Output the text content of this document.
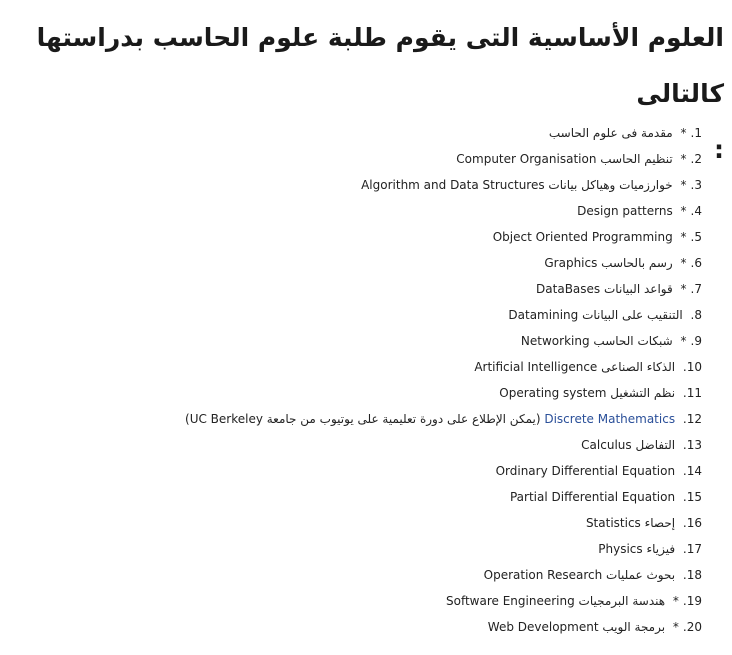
العلوم الأساسية التى يقوم طلبة علوم الحاسب بدراستها كالتالى
:
.1* مقدمة فى علوم الحاسب
.2* تنظيم الحاسب Computer Organisation
.3* خوارزميات وهياكل بيانات Algorithm and Data Structures
.4* Design patterns
.5* Object Oriented Programming
.6* رسم بالحاسب Graphics
.7* قواعد البيانات DataBases
.8 التنقيب على البيانات Datamining
.9* شبكات الحاسب Networking
.10 الذكاء الصناعى Artificial Intelligence
.11 نظم التشغيل Operating system
.12 Discrete Mathematics (يمكن الإطلاع على دورة تعليمية على يوتيوب من جامعة UC Berkeley)
.13 التفاضل Calculus
.14 Ordinary Differential Equation
.15 Partial Differential Equation
.16 إحصاء Statistics
.17 فيزياء Physics
.18 بحوث عمليات Operation Research
.19* هندسة البرمجيات Software Engineering
.20* برمجة الويب Web Development
